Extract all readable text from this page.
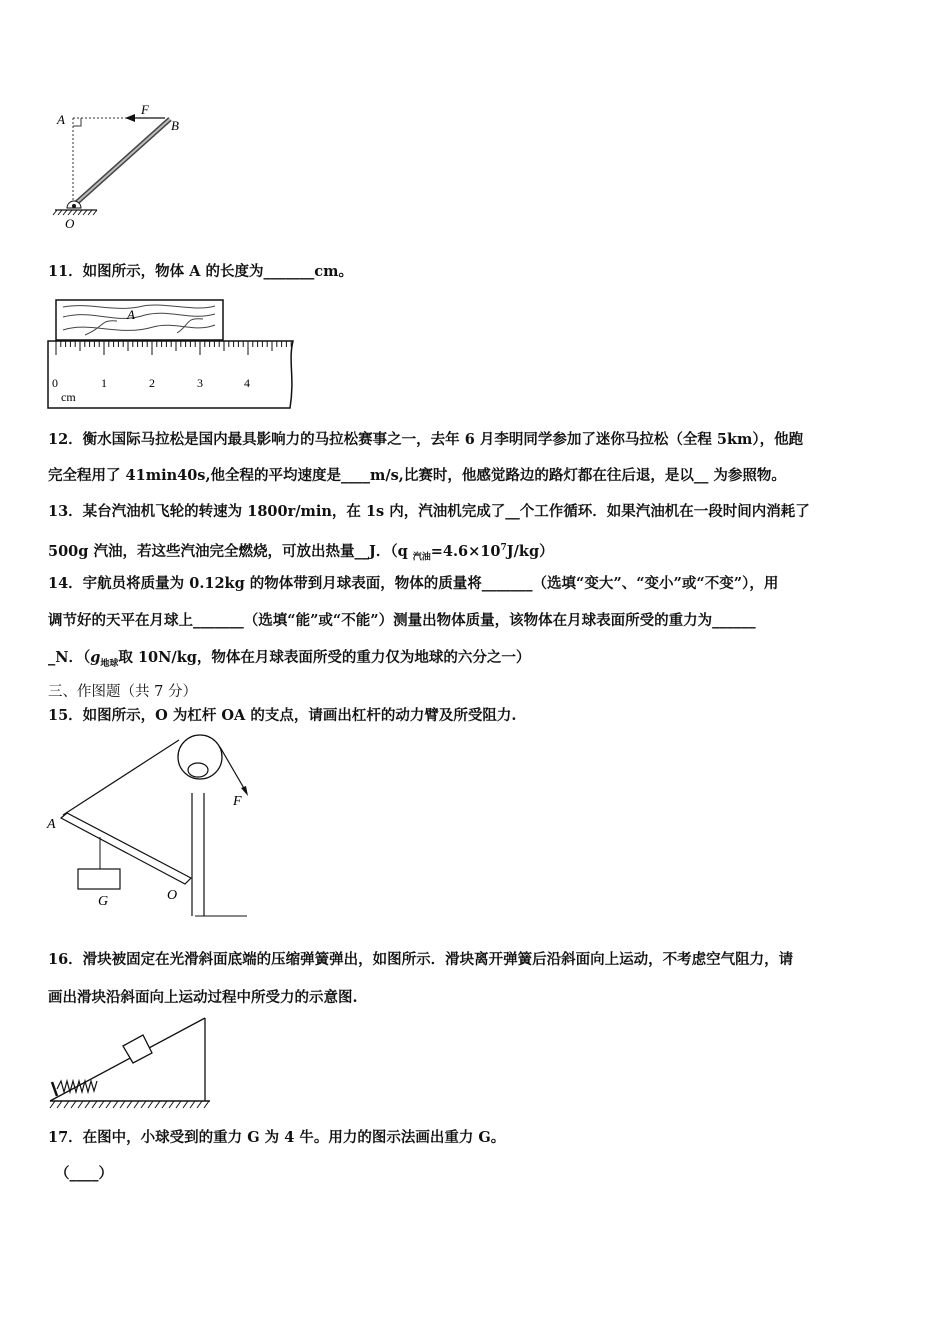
A
F
B
O
11．如图所示，物体 A 的长度为_______cm。
A
0	1	2	3	4
cm
12．衡水国际马拉松是国内最具影响力的马拉松赛事之一，去年 6 月李明同学参加了迷你马拉松（全程 5km），他跑
完全程用了 41min40s,他全程的平均速度是____m/s,比赛时，他感觉路边的路灯都在往后退，是以__ 为参照物。
13．某台汽油机飞轮的转速为 1800r/min，在 1s 内，汽油机完成了__个工作循环．如果汽油机在一段时间内消耗了
500g 汽油，若这些汽油完全燃烧，可放出热量__J．（q $_{汽油}=4.6\times 10^7J/kg$）
14．宇航员将质量为 0.12kg 的物体带到月球表面，物体的质量将_______（选填“变大”、“变小”或“不变”），用
调节好的天平在月球上_______（选填“能”或“不能”）测量出物体质量，该物体在月球表面所受的重力为______
_N．（$g_{地球}$取 10N/kg，物体在月球表面所受的重力仅为地球的六分之一）
三、作图题（共 7 分）
15．如图所示，O 为杠杆 OA 的支点，请画出杠杆的动力臂及所受阻力.
A
F
G	O
16．滑块被固定在光滑斜面底端的压缩弹簧弹出，如图所示．滑块离开弹簧后沿斜面向上运动，不考虑空气阻力，请
画出滑块沿斜面向上运动过程中所受力的示意图.
17．在图中，小球受到的重力 G 为 4 牛。用力的图示法画出重力 G。
（____）
